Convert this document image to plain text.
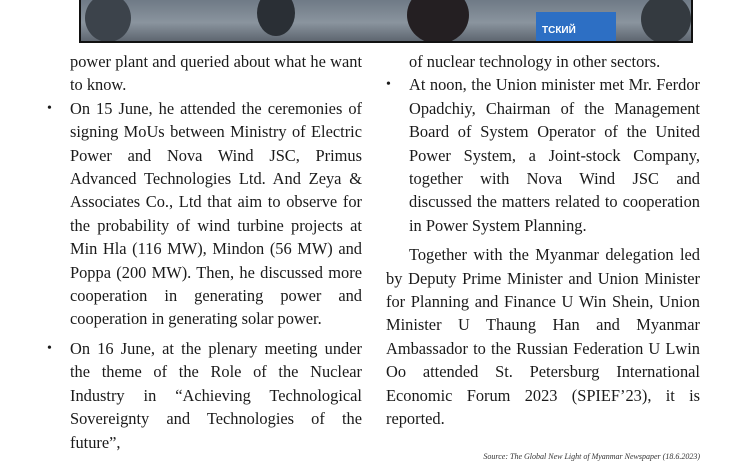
ТСКИЙ

power plant and queried about what he want to know.

• On 15 June, he attended the ceremonies of signing MoUs between Ministry of Electric Power and Nova Wind JSC, Primus Advanced Technologies Ltd. And Zeya & Associates Co., Ltd that aim to observe for the probability of wind turbine projects at Min Hla (116 MW), Mindon (56 MW) and Poppa (200 MW). Then, he discussed more cooperation in generating power and cooperation in generating solar power.

• On 16 June, at the plenary meeting under the theme of the Role of the Nuclear Industry in “Achieving Technological Sovereignty and Technologies of the future”,

of nuclear technology in other sectors.

• At noon, the Union minister met Mr. Ferdor Opadchiy, Chairman of the Management Board of System Operator of the United Power System, a Joint-stock Company, together with Nova Wind JSC and discussed the matters related to cooperation in Power System Planning.

Together with the Myanmar delegation led by Deputy Prime Minister and Union Minister for Planning and Finance U Win Shein, Union Minister U Thaung Han and Myanmar Ambassador to the Russian Federation U Lwin Oo attended St. Petersburg International Economic Forum 2023 (SPIEF’23), it is reported.

Source: The Global New Light of Myanmar Newspaper (18.6.2023)
